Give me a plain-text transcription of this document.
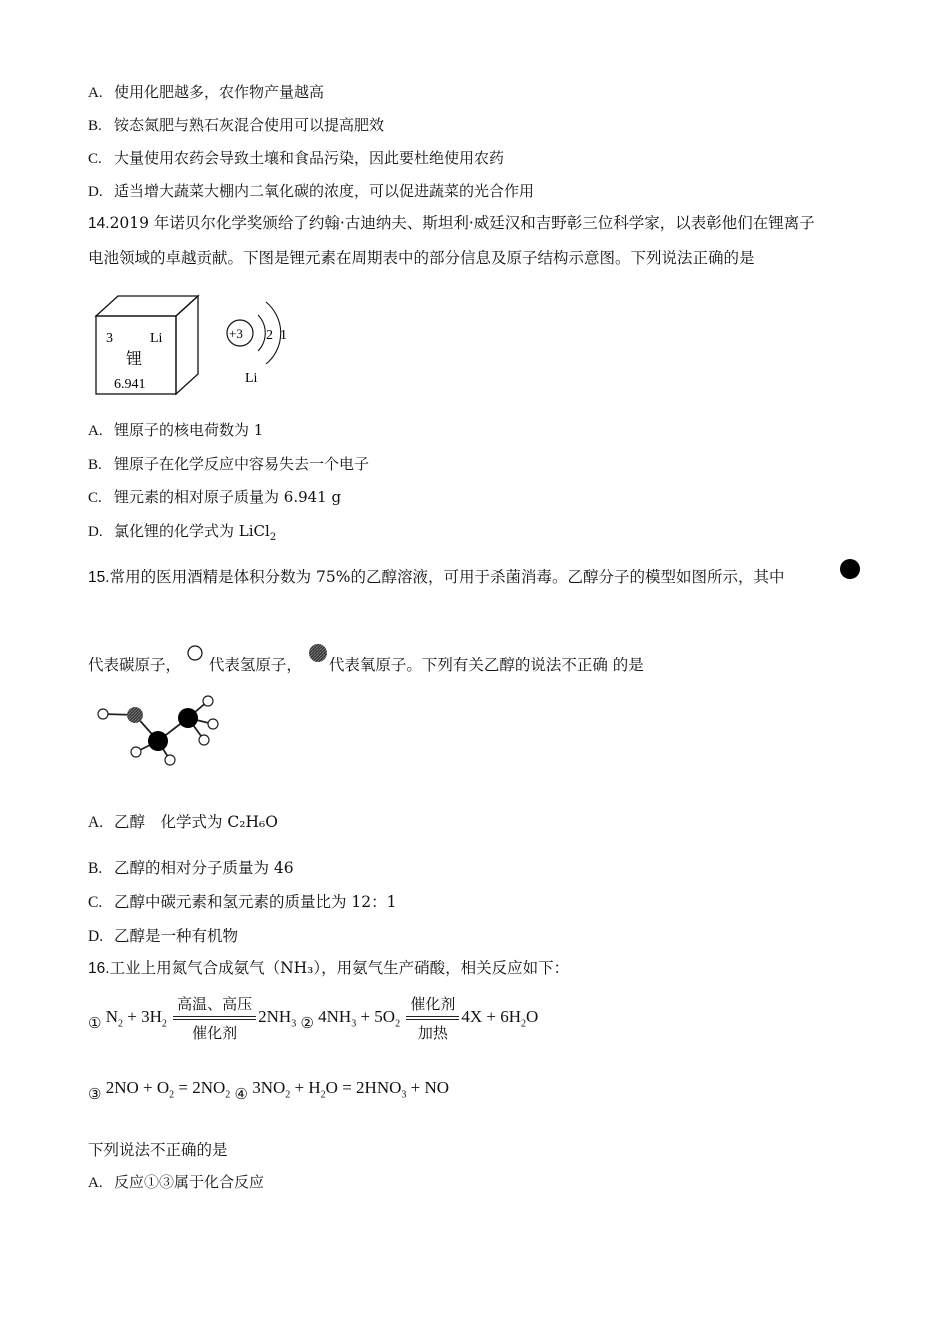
A. 使用化肥越多，农作物产量越高
B. 铵态氮肥与熟石灰混合使用可以提高肥效
C. 大量使用农药会导致土壤和食品污染，因此要杜绝使用农药
D. 适当增大蔬菜大棚内二氧化碳的浓度，可以促进蔬菜的光合作用
14.2019 年诺贝尔化学奖颁给了约翰·古迪纳夫、斯坦利·威廷汉和吉野彰三位科学家，以表彰他们在锂离子
电池领域的卓越贡献。下图是锂元素在周期表中的部分信息及原子结构示意图。下列说法正确的是
3	Li
锂
6.941
+3 2 1
Li
A. 锂原子的核电荷数为 1
B. 锂原子在化学反应中容易失去一个电子
C. 锂元素的相对原子质量为 6.941 g
D. 氯化锂的化学式为 LiCl$_2$
15.常用的医用酒精是体积分数为 75%的乙醇溶液，可用于杀菌消毒。乙醇分子的模型如图所示，其中
代表碳原子， 代表氢原子， 代表氧原子。下列有关乙醇的说法不正确 的是
A. 乙醇　化学式为 C₂H₆O
B. 乙醇的相对分子质量为 46
C. 乙醇中碳元素和氢元素的质量比为 12：1
D. 乙醇是一种有机物
16.工业上用氮气合成氨气（NH₃），用氨气生产硝酸，相关反应如下：
① $N_2 + 3H_2 \frac{\text{高温、高压}}{\text{催化剂}} 2NH_3$ ② $4NH_3 + 5O_2 \frac{\text{催化剂}}{\text{加热}} 4X + 6H_2O$
③ $2NO + O_2 = 2NO_2$ ④ $3NO_2 + H_2O = 2HNO_3$ + NO
下列说法不正确的是
A. 反应①③属于化合反应
